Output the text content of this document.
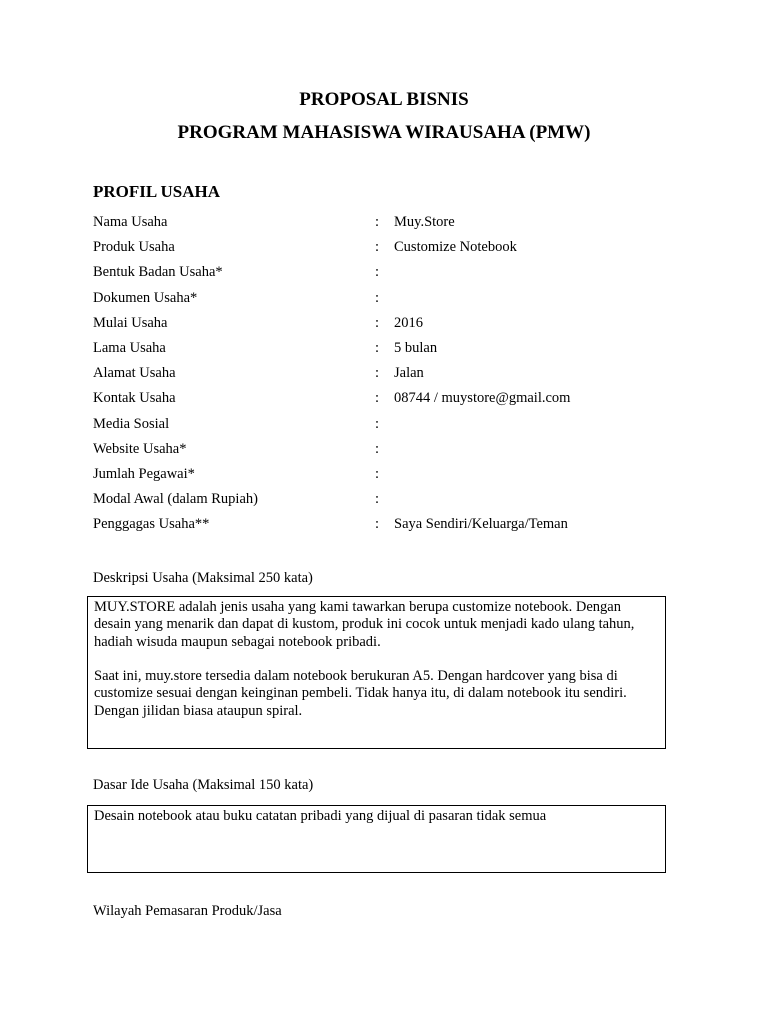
PROPOSAL BISNIS
PROGRAM MAHASISWA WIRAUSAHA (PMW)
PROFIL USAHA
Nama Usaha	: Muy.Store
Produk Usaha	: Customize Notebook
Bentuk Badan Usaha*	:
Dokumen Usaha*	:
Mulai Usaha	: 2016
Lama Usaha	: 5 bulan
Alamat Usaha	: Jalan
Kontak Usaha	: 08744 / muystore@gmail.com
Media Sosial	:
Website Usaha*	:
Jumlah Pegawai*	:
Modal Awal (dalam Rupiah)	:
Penggagas Usaha**	: Saya Sendiri/Keluarga/Teman

Deskripsi Usaha (Maksimal 250 kata)

MUY.STORE adalah jenis usaha yang kami tawarkan berupa customize notebook. Dengan desain yang menarik dan dapat di kustom, produk ini cocok untuk menjadi kado ulang tahun, hadiah wisuda maupun sebagai notebook pribadi.

Saat ini, muy.store tersedia dalam notebook berukuran A5. Dengan hardcover yang bisa di customize sesuai dengan keinginan pembeli. Tidak hanya itu, di dalam notebook itu sendiri. Dengan jilidan biasa ataupun spiral.

Dasar Ide Usaha (Maksimal 150 kata)

Desain notebook atau buku catatan pribadi yang dijual di pasaran tidak semua

Wilayah Pemasaran Produk/Jasa
